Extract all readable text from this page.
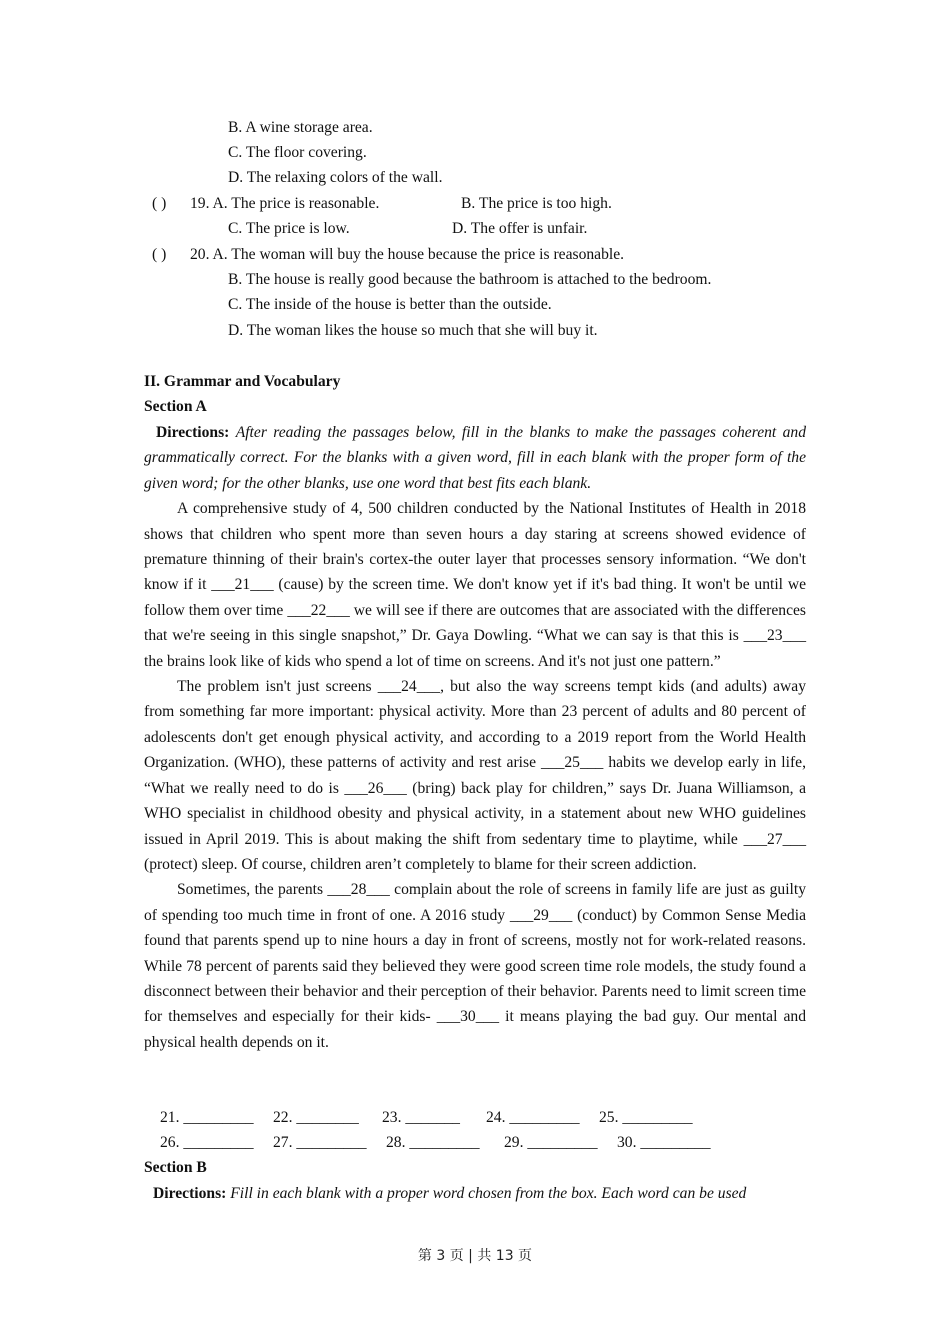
B. A wine storage area.
C. The floor covering.
D. The relaxing colors of the wall.
( ) 19. A. The price is reasonable.	B. The price is too high.
C. The price is low.	D. The offer is unfair.
( ) 20. A. The woman will buy the house because the price is reasonable.
B. The house is really good because the bathroom is attached to the bedroom.
C. The inside of the house is better than the outside.
D. The woman likes the house so much that she will buy it.
II. Grammar and Vocabulary
Section A

Directions: After reading the passages below, fill in the blanks to make the passages coherent and grammatically correct. For the blanks with a given word, fill in each blank with the proper form of the given word; for the other blanks, use one word that best fits each blank.

A comprehensive study of 4, 500 children conducted by the National Institutes of Health in 2018 shows that children who spent more than seven hours a day staring at screens showed evidence of premature thinning of their brain's cortex-the outer layer that processes sensory information. “We don't know if it ___21___ (cause) by the screen time. We don't know yet if it's bad thing. It won't be until we follow them over time ___22___ we will see if there are outcomes that are associated with the differences that we're seeing in this single snapshot,” Dr. Gaya Dowling. “What we can say is that this is ___23___ the brains look like of kids who spend a lot of time on screens. And it's not just one pattern.”

The problem isn't just screens ___24___, but also the way screens tempt kids (and adults) away from something far more important: physical activity. More than 23 percent of adults and 80 percent of adolescents don't get enough physical activity, and according to a 2019 report from the World Health Organization. (WHO), these patterns of activity and rest arise ___25___ habits we develop early in life, “What we really need to do is ___26___ (bring) back play for children,” says Dr. Juana Williamson, a WHO specialist in childhood obesity and physical activity, in a statement about new WHO guidelines issued in April 2019. This is about making the shift from sedentary time to playtime, while ___27___ (protect) sleep. Of course, children aren’t completely to blame for their screen addiction.

Sometimes, the parents ___28___ complain about the role of screens in family life are just as guilty of spending too much time in front of one. A 2016 study ___29___ (conduct) by Common Sense Media found that parents spend up to nine hours a day in front of screens, mostly not for work-related reasons. While 78 percent of parents said they believed they were good screen time role models, the study found a disconnect between their behavior and their perception of their behavior. Parents need to limit screen time for themselves and especially for their kids- ___30___ it means playing the bad guy. Our mental and physical health depends on it.

21. _________ 22. ________ 23. _______ 24. _________ 25. _________
26. _________ 27. _________ 28. _________ 29. _________ 30. _________
Section B
Directions: Fill in each blank with a proper word chosen from the box. Each word can be used
第 3 页 | 共 13 页
